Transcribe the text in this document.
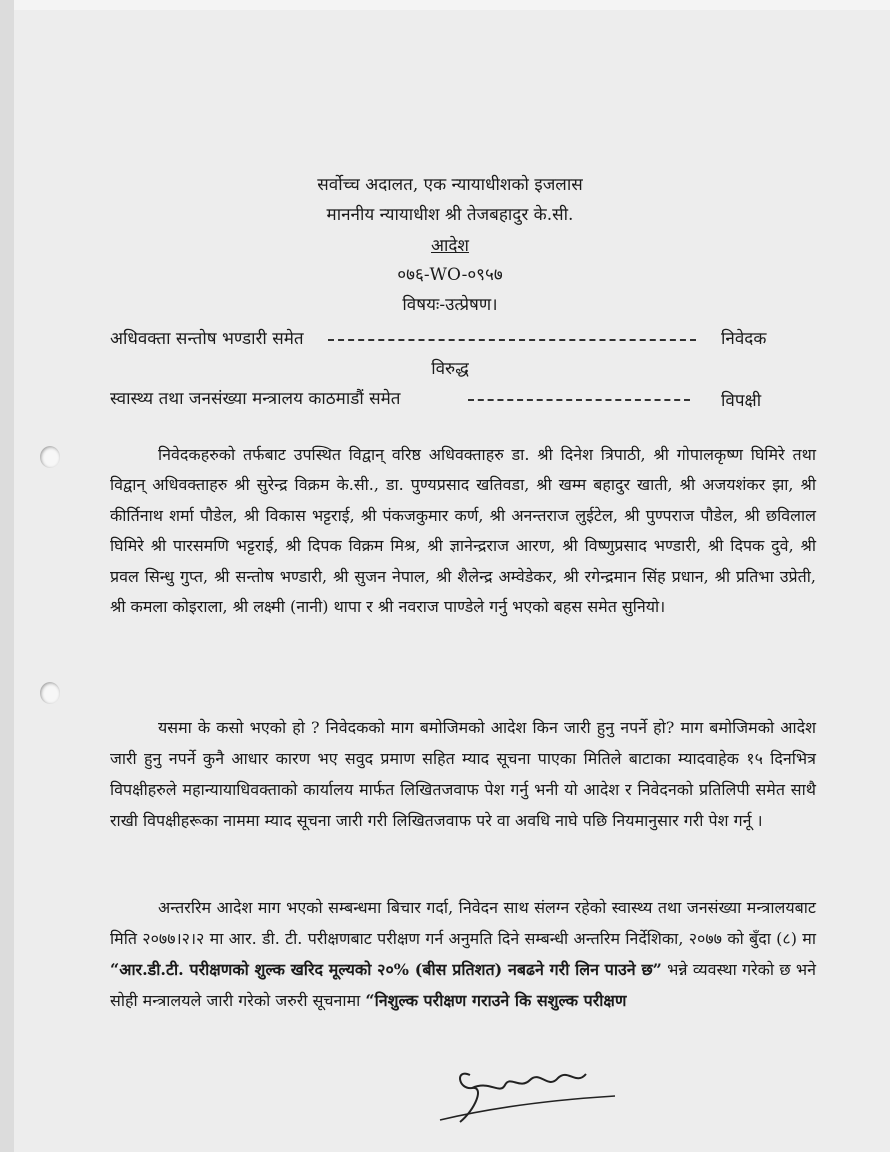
सर्वोच्च अदालत, एक न्यायाधीशको इजलास
माननीय न्यायाधीश श्री तेजबहादुर के.सी.
आदेश
०७६-WO-०९५७
विषयः-उत्प्रेषण।
अधिवक्ता सन्तोष भण्डारी समेत	निवेदक
विरुद्ध
स्वास्थ्य तथा जनसंख्या मन्त्रालय काठमाडौं समेत	विपक्षी
निवेदकहरुको तर्फबाट उपस्थित विद्वान् वरिष्ठ अधिवक्ताहरु डा. श्री दिनेश त्रिपाठी, श्री गोपालकृष्ण घिमिरे तथा विद्वान् अधिवक्ताहरु श्री सुरेन्द्र विक्रम के.सी., डा. पुण्यप्रसाद खतिवडा, श्री खम्म बहादुर खाती, श्री अजयशंकर झा, श्री कीर्तिनाथ शर्मा पौडेल, श्री विकास भट्टराई, श्री पंकजकुमार कर्ण, श्री अनन्तराज लुईटेल, श्री पुण्पराज पौडेल, श्री छविलाल घिमिरे श्री पारसमणि भट्टराई, श्री दिपक विक्रम मिश्र, श्री ज्ञानेन्द्रराज आरण, श्री विष्णुप्रसाद भण्डारी, श्री दिपक दुवे, श्री प्रवल सिन्धु गुप्त, श्री सन्तोष भण्डारी, श्री सुजन नेपाल, श्री शैलेन्द्र अम्वेडेकर, श्री रगेन्द्रमान सिंह प्रधान, श्री प्रतिभा उप्रेती, श्री कमला कोइराला, श्री लक्ष्मी (नानी) थापा र श्री नवराज पाण्डेले गर्नु भएको बहस समेत सुनियो।
यसमा के कसो भएको हो ? निवेदकको माग बमोजिमको आदेश किन जारी हुनु नपर्ने हो? माग बमोजिमको आदेश जारी हुनु नपर्ने कुनै आधार कारण भए सवुद प्रमाण सहित म्याद सूचना पाएका मितिले बाटाका म्यादवाहेक १५ दिनभित्र विपक्षीहरुले महान्यायाधिवक्ताको कार्यालय मार्फत लिखितजवाफ पेश गर्नु भनी यो आदेश र निवेदनको प्रतिलिपी समेत साथै राखी विपक्षीहरूका नाममा म्याद सूचना जारी गरी लिखितजवाफ परे वा अवधि नाघे पछि नियमानुसार गरी पेश गर्नू ।
अन्तररिम आदेश माग भएको सम्बन्धमा बिचार गर्दा, निवेदन साथ संलग्न रहेको स्वास्थ्य तथा जनसंख्या मन्त्रालयबाट मिति २०७७।२।२ मा आर. डी. टी. परीक्षणबाट परीक्षण गर्न अनुमति दिने सम्बन्धी अन्तरिम निर्देशिका, २०७७ को बुँदा (८) मा “आर.डी.टी. परीक्षणको शुल्क खरिद मूल्यको २०% (बीस प्रतिशत) नबढने गरी लिन पाउने छ” भन्ने व्यवस्था गरेको छ भने सोही मन्त्रालयले जारी गरेको जरुरी सूचनामा “निशुल्क परीक्षण गराउने कि सशुल्क परीक्षण
